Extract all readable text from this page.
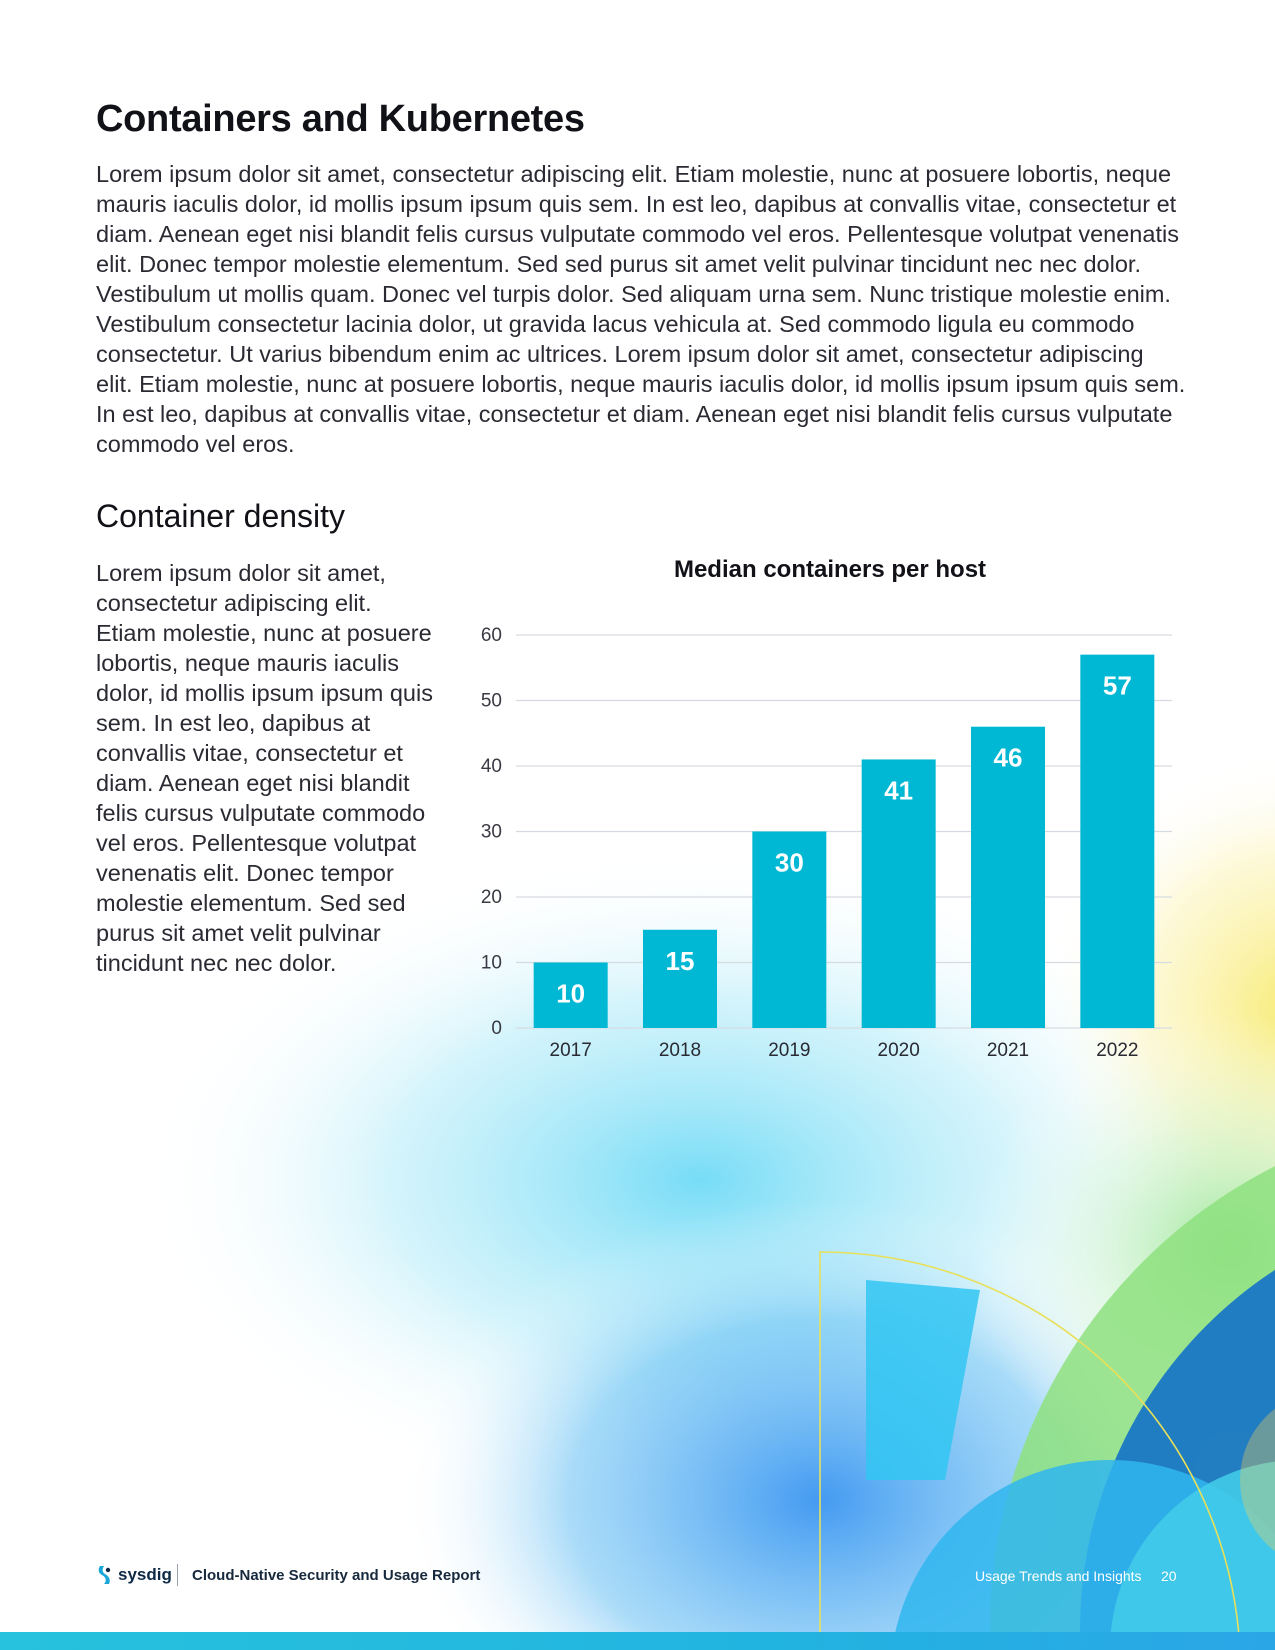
Containers and Kubernetes

Lorem ipsum dolor sit amet, consectetur adipiscing elit. Etiam molestie, nunc at posuere lobortis, neque mauris iaculis dolor, id mollis ipsum ipsum quis sem. In est leo, dapibus at convallis vitae, consectetur et diam. Aenean eget nisi blandit felis cursus vulputate commodo vel eros. Pellentesque volutpat venenatis elit. Donec tempor molestie elementum. Sed sed purus sit amet velit pulvinar tincidunt nec nec dolor. Vestibulum ut mollis quam. Donec vel turpis dolor. Sed aliquam urna sem. Nunc tristique molestie enim. Vestibulum consectetur lacinia dolor, ut gravida lacus vehicula at. Sed commodo ligula eu commodo consectetur. Ut varius bibendum enim ac ultrices. Lorem ipsum dolor sit amet, consectetur adipiscing elit. Etiam molestie, nunc at posuere lobortis, neque mauris iaculis dolor, id mollis ipsum ipsum quis sem. In est leo, dapibus at convallis vitae, consectetur et diam. Aenean eget nisi blandit felis cursus vulputate commodo vel eros.

Container density

Lorem ipsum dolor sit amet, consectetur adipiscing elit. Etiam molestie, nunc at posuere lobortis, neque mauris iaculis dolor, id mollis ipsum ipsum quis sem. In est leo, dapibus at convallis vitae, consectetur et diam. Aenean eget nisi blandit felis cursus vulputate commodo vel eros. Pellentesque volutpat venenatis elit. Donec tempor molestie elementum. Sed sed purus sit amet velit pulvinar tincidunt nec nec dolor.

Median containers per host
0
10
20
30
40
50
60
10
2017
15
2018
30
2019
41
2020
46
2021
57
2022
sysdig Cloud-Native Security and Usage Report	Usage Trends and Insights 20
